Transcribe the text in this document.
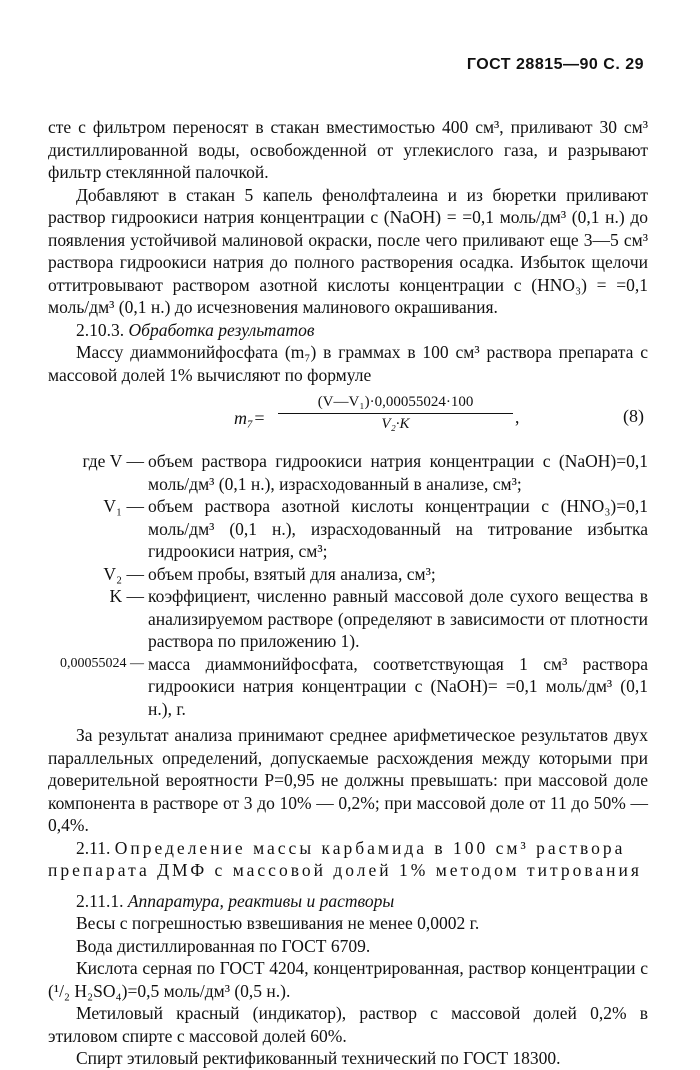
ГОСТ 28815—90 С. 29

сте с фильтром переносят в стакан вместимостью 400 см³, приливают 30 см³ дистиллированной воды, освобожденной от углекислого газа, и разрывают фильтр стеклянной палочкой.

Добавляют в стакан 5 капель фенолфталеина и из бюретки приливают раствор гидроокиси натрия концентрации c (NaOH) = =0,1 моль/дм³ (0,1 н.) до появления устойчивой малиновой окраски, после чего приливают еще 3—5 см³ раствора гидроокиси натрия до полного растворения осадка. Избыток щелочи оттитровывают раствором азотной кислоты концентрации c (HNO₃) = =0,1 моль/дм³ (0,1 н.) до исчезновения малинового окрашивания.

2.10.3. Обработка результатов

Массу диаммонийфосфата (m₇) в граммах в 100 см³ раствора препарата с массовой долей 1% вычисляют по формуле

$m_7= \frac{\text{(V—V₁)·0,00055024·100}}{\text{V₂·K}}$ ,	(8)
где V — объем раствора гидроокиси натрия концентрации c (NaOH)=0,1 моль/дм³ (0,1 н.), израсходованный в анализе, см³;
V₁ — объем раствора азотной кислоты концентрации c (HNO₃)=0,1 моль/дм³ (0,1 н.), израсходованный на титрование избытка гидроокиси натрия, см³;
V₂ — объем пробы, взятый для анализа, см³;
K — коэффициент, численно равный массовой доле сухого вещества в анализируемом растворе (определяют в зависимости от плотности раствора по приложению 1).
0,00055024 — масса диаммонийфосфата, соответствующая 1 см³ раствора гидроокиси натрия концентрации c (NaOH)= =0,1 моль/дм³ (0,1 н.), г.

За результат анализа принимают среднее арифметическое результатов двух параллельных определений, допускаемые расхождения между которыми при доверительной вероятности P=0,95 не должны превышать: при массовой доле компонента в растворе от 3 до 10% — 0,2%; при массовой доле от 11 до 50% — 0,4%.

2.11. Определение массы карбамида в 100 см³ раствора препарата ДМФ с массовой долей 1% методом титрования

2.11.1. Аппаратура, реактивы и растворы

Весы с погрешностью взвешивания не менее 0,0002 г.

Вода дистиллированная по ГОСТ 6709.

Кислота серная по ГОСТ 4204, концентрированная, раствор концентрации c (¹/₂ H₂SO₄)=0,5 моль/дм³ (0,5 н.).

Метиловый красный (индикатор), раствор с массовой долей 0,2% в этиловом спирте с массовой долей 60%.

Спирт этиловый ректификованный технический по ГОСТ 18300.
